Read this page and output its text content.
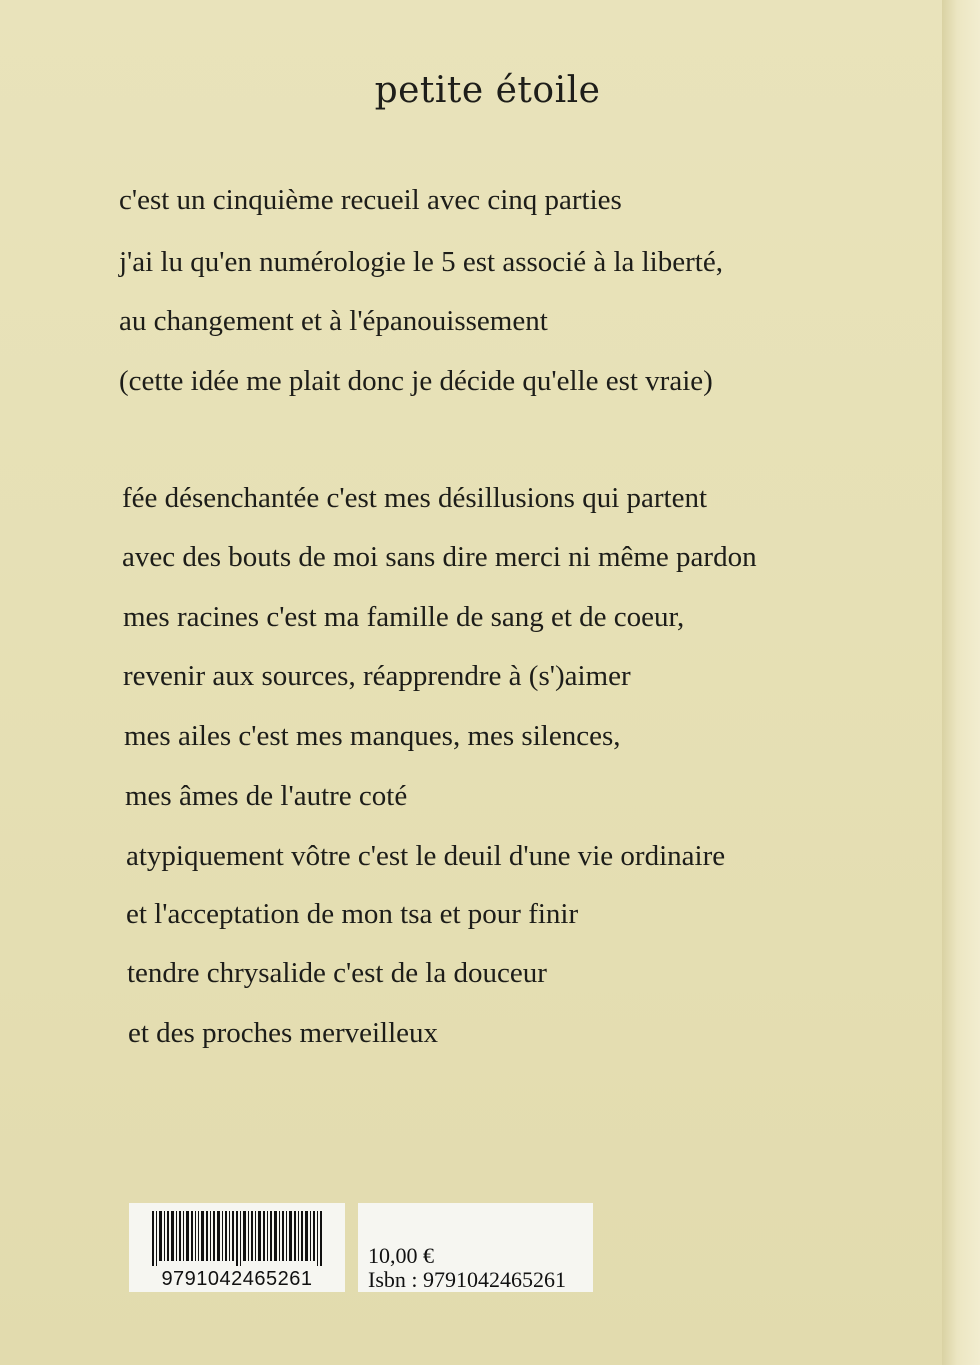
petite étoile
c'est un cinquième recueil avec cinq parties
j'ai lu qu'en numérologie le 5 est associé à la liberté,
au changement et à l'épanouissement
(cette idée me plait donc je décide qu'elle est vraie)
fée désenchantée c'est mes désillusions qui partent
avec des bouts de moi sans dire merci ni même pardon
mes racines c'est ma famille de sang et de coeur,
revenir aux sources, réapprendre à (s')aimer
mes ailes c'est mes manques, mes silences,
mes âmes de l'autre coté
atypiquement vôtre c'est le deuil d'une vie ordinaire
et l'acceptation de mon tsa et pour finir
tendre chrysalide c'est de la douceur
et des proches merveilleux
9791042465261
10,00 €
Isbn : 9791042465261
